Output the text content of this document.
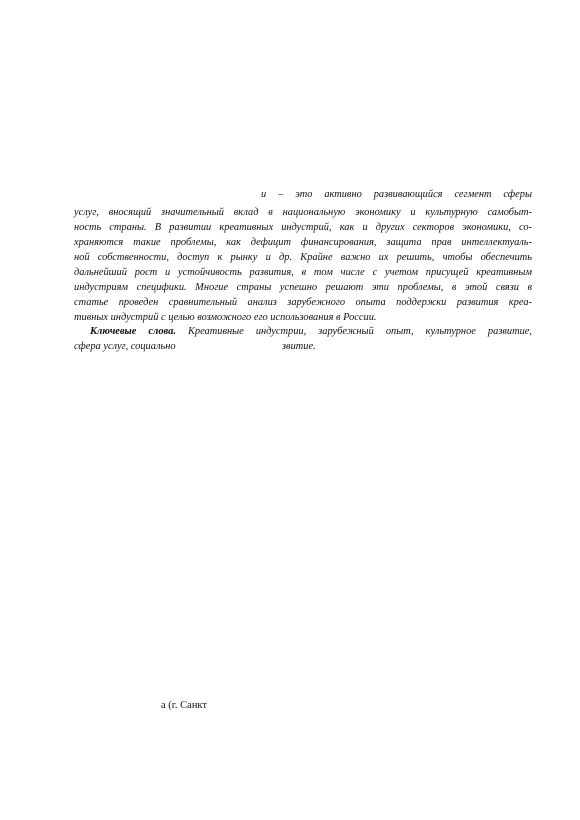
и – это активно развивающийся сегмент сферы
услуг, вносящий значительный вклад в национальную экономику и культурную самобыт-
ность страны. В развитии креативных индустрий, как и других секторов экономики, со-
храняются такие проблемы, как дефицит финансирования, защита прав интеллектуаль-
ной собственности, доступ к рынку и др. Крайне важно их решить, чтобы обеспечить
дальнейший рост и устойчивость развития, в том числе с учетом присущей креативным
индустриям специфики. Многие страны успешно решают эти проблемы, в этой связи в
статье проведен сравнительный анализ зарубежного опыта поддержки развития креа-
тивных индустрий с целью возможного его использования в России.
Ключевые слова. Креативные индустрии, зарубежный опыт, культурное развитие,
сфера услуг, социально	звитие.
а (г. Санкт
